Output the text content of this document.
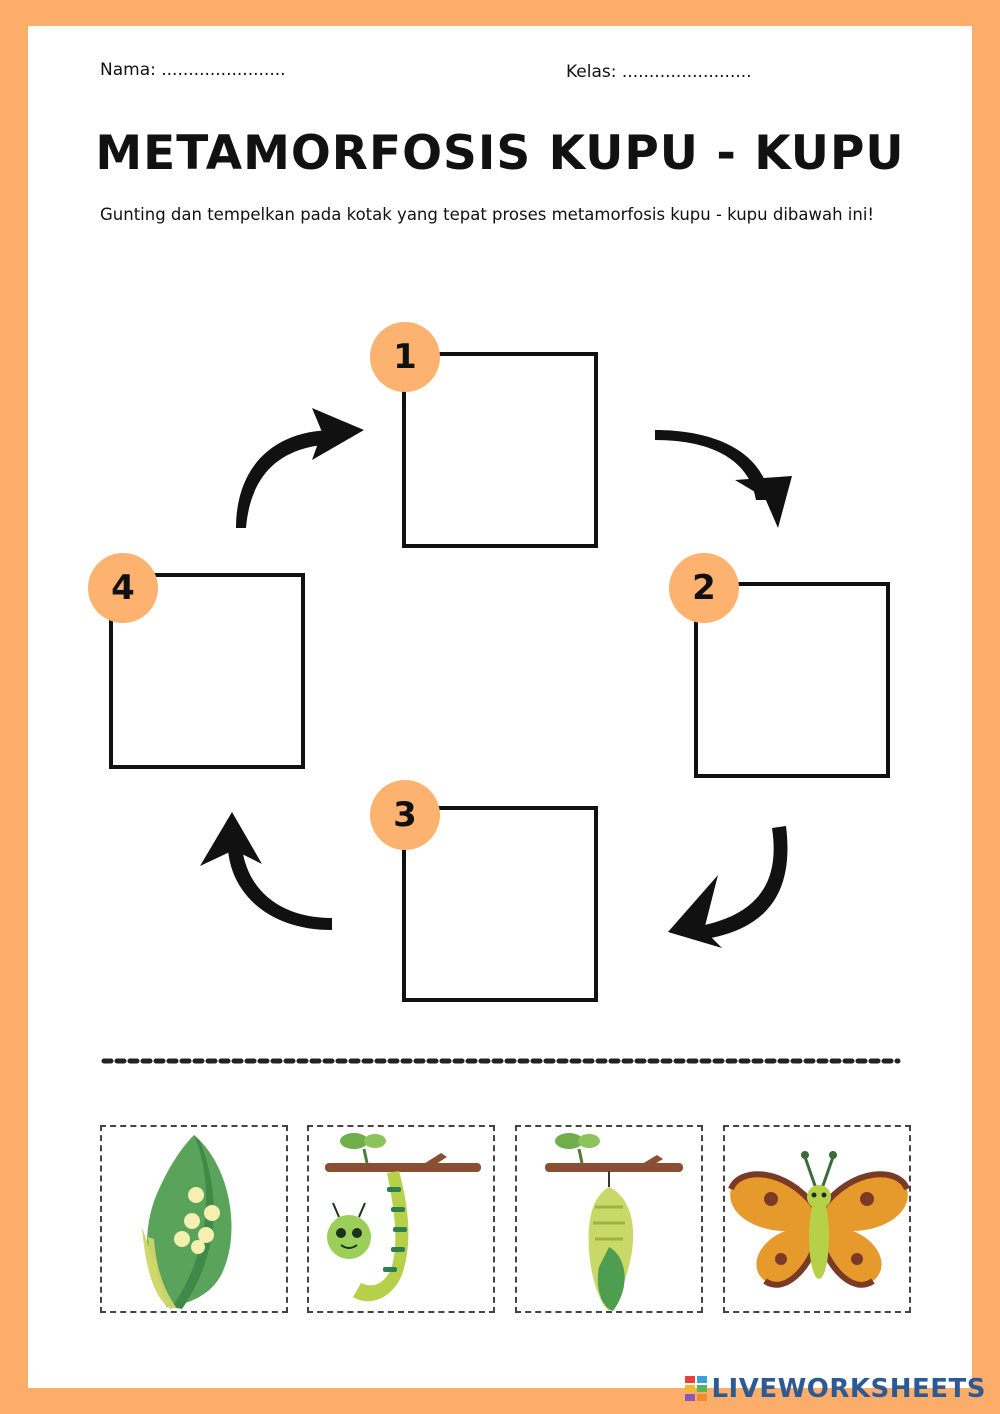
Nama: .......................	Kelas: ........................
METAMORFOSIS KUPU - KUPU
Gunting dan tempelkan pada kotak yang tepat proses metamorfosis kupu - kupu dibawah ini!
1
2
3
4
LIVEWORKSHEETS
